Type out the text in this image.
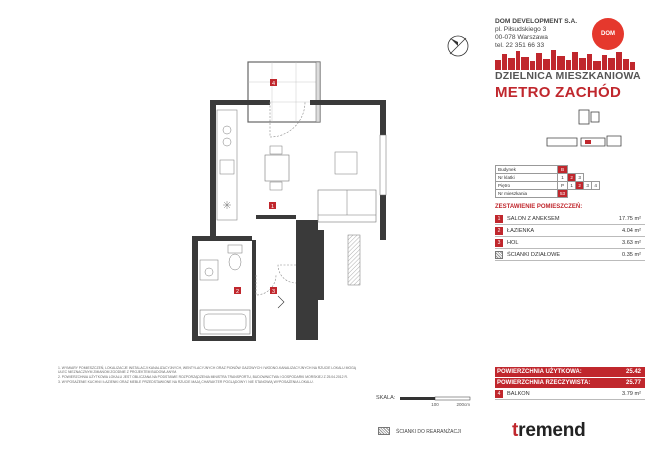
4
1
2	3
DOM DEVELOPMENT S.A.
pl. Piłsudskiego 3
00-078 Warszawa
tel. 22 351 66 33
DOM
DZIELNICA MIESZKANIOWA
METRO ZACHÓD
Budynek	B				
Nr klatki	1	2	3		
Piętro	P	1	2	3	4
Nr mieszkania	53				
ZESTAWIENIE POMIESZCZEŃ:
1	SALON Z ANEKSEM	17.75 m²
2	ŁAZIENKA	4.04 m²
3	HOL	3.63 m²
ŚCIANKI DZIAŁOWE	0.35 m²
POWIERZCHNIA UŻYTKOWA:	25.42
POWIERZCHNIA RZECZYWISTA:	25.77
4	BALKON	3.79 m²

1. WYMIARY POMIESZCZEŃ, LOKALIZACJE INSTALACJI KANALIZACYJNYCH, WENTYLACYJNYCH ORAZ PIONÓW GAZOWYCH I WODNO-KANALIZACYJNYCH NA RZUCIE LOKALU MOGĄ ULEC NIEZNACZNYM ZMIANOM ZGODNIE Z PROJEKTEM BUDOWLANYM.

2. POWIERZCHNIA UŻYTKOWA LOKALU JEST OBLICZANA NA PODSTAWIE ROZPORZĄDZENIA MINISTRA TRANSPORTU, BUDOWNICTWA I GOSPODARKI MORSKIEJ Z 25.04.2012 R.

3. WYPOSAŻENIE KUCHNI I ŁAZIENKI ORAZ MEBLE PRZEDSTAWIONE NA RZUCIE MAJĄ CHARAKTER POGLĄDOWY I NIE STANOWIĄ WYPOSAŻENIA LOKALU.

SKALA:
100	200cm
ŚCIANKI DO REARANŻACJI	tremend
